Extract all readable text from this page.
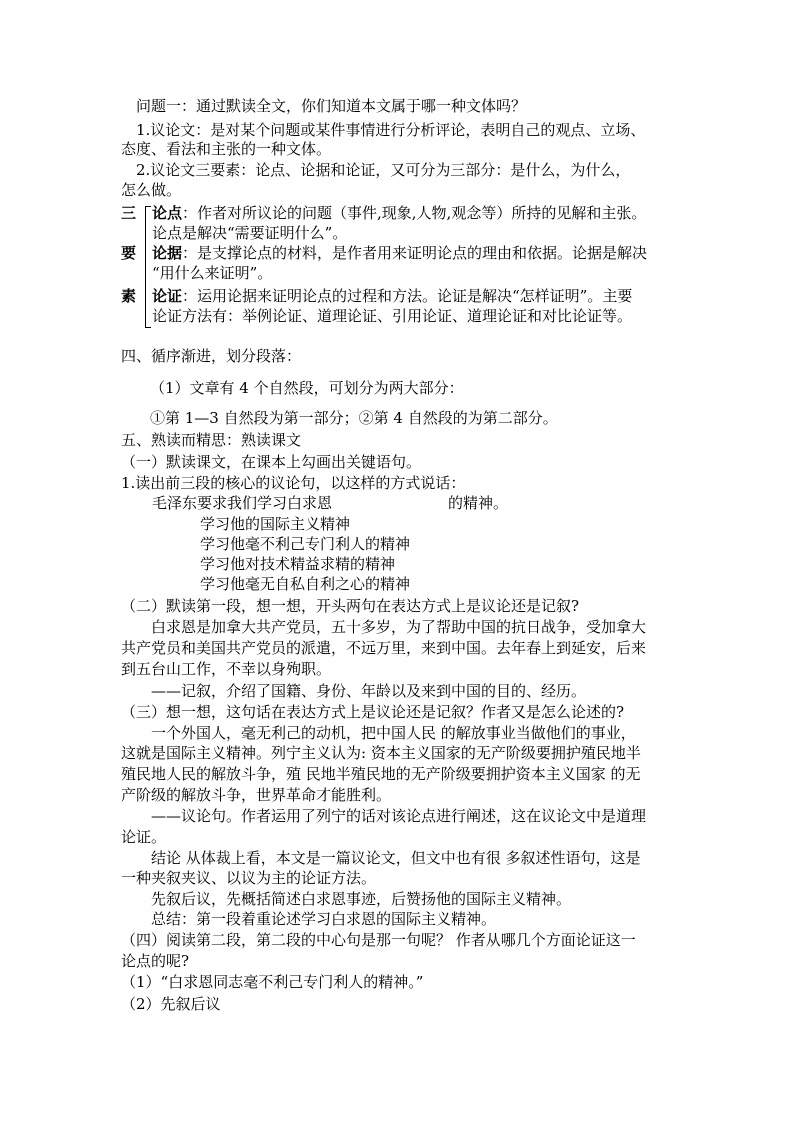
问题一：通过默读全文，你们知道本文属于哪一种文体吗？
1.议论文：是对某个问题或某件事情进行分析评论，表明自己的观点、立场、
态度、看法和主张的一种文体。
2.议论文三要素：论点、论据和论证，又可分为三部分：是什么，为什么，
怎么做。
三
要
素
论点：作者对所议论的问题（事件,现象,人物,观念等）所持的见解和主张。
论点是解决“需要证明什么”。
论据：是支撑论点的材料，是作者用来证明论点的理由和依据。论据是解决
“用什么来证明”。
论证：运用论据来证明论点的过程和方法。论证是解决“怎样证明”。主要
论证方法有：举例论证、道理论证、引用论证、道理论证和对比论证等。
四、循序渐进，划分段落：
（1）文章有 4 个自然段，可划分为两大部分：
①第 1—3 自然段为第一部分；②第 4 自然段的为第二部分。
五、熟读而精思：熟读课文
（一）默读课文，在课本上勾画出关键语句。
1.读出前三段的核心的议论句，以这样的方式说话：
毛泽东要求我们学习白求恩	的精神。
学习他的国际主义精神
学习他毫不利己专门利人的精神
学习他对技术精益求精的精神
学习他毫无自私自利之心的精神
（二）默读第一段，想一想，开头两句在表达方式上是议论还是记叙?
白求恩是加拿大共产党员，五十多岁，为了帮助中国的抗日战争，受加拿大
共产党员和美国共产党员的派遣，不远万里，来到中国。去年春上到延安，后来
到五台山工作，不幸以身殉职。
——记叙，介绍了国籍、身份、年龄以及来到中国的目的、经历。
（三）想一想，这句话在表达方式上是议论还是记叙？作者又是怎么论述的?
一个外国人，毫无利己的动机，把中国人民 的解放事业当做他们的事业，
这就是国际主义精神。列宁主义认为: 资本主义国家的无产阶级要拥护殖民地半
殖民地人民的解放斗争，殖 民地半殖民地的无产阶级要拥护资本主义国家 的无
产阶级的解放斗争，世界革命才能胜利。
——议论句。作者运用了列宁的话对该论点进行阐述，这在议论文中是道理
论证。
结论 从体裁上看，本文是一篇议论文，但文中也有很 多叙述性语句，这是
一种夹叙夹议、以议为主的论证方法。
先叙后议，先概括简述白求恩事迹，后赞扬他的国际主义精神。
总结：第一段着重论述学习白求恩的国际主义精神。
（四）阅读第二段，第二段的中心句是那一句呢？ 作者从哪几个方面论证这一
论点的呢?
（1）“白求恩同志毫不利己专门利人的精神。”
（2）先叙后议
